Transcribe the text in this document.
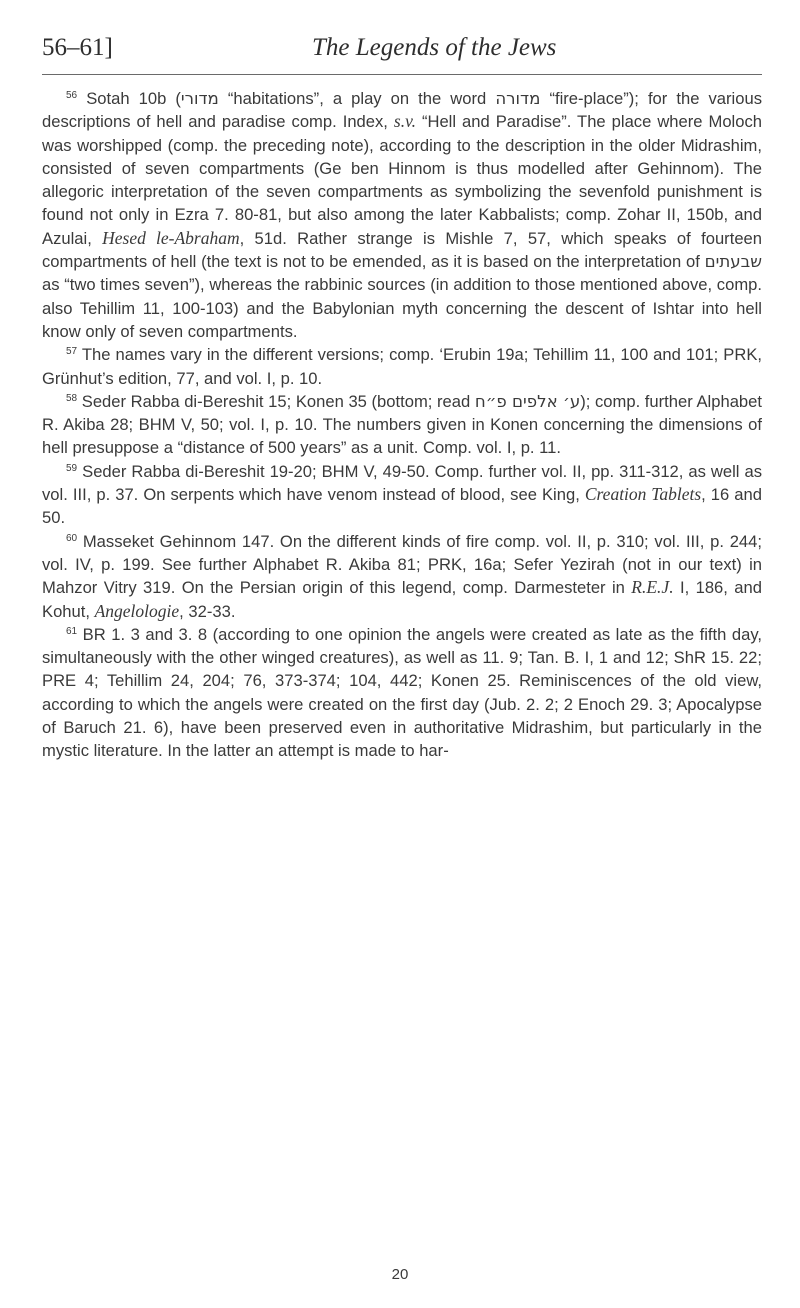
56–61]	The Legends of the Jews

$^{56}$ Sotah 10b (מדורי “habitations”, a play on the word מדורה “fire-place”); for the various descriptions of hell and paradise comp. Index, s.v. “Hell and Paradise”. The place where Moloch was worshipped (comp. the preceding note), according to the description in the older Midrashim, consisted of seven compartments (Ge ben Hinnom is thus modelled after Gehinnom). The allegoric interpretation of the seven compartments as symbolizing the sevenfold punishment is found not only in Ezra 7. 80-81, but also among the later Kabbalists; comp. Zohar II, 150b, and Azulai, Hesed le-Abraham, 51d. Rather strange is Mishle 7, 57, which speaks of fourteen compartments of hell (the text is not to be emended, as it is based on the interpretation of שבעתים as “two times seven”), whereas the rabbinic sources (in addition to those mentioned above, comp. also Tehillim 11, 100-103) and the Babylonian myth concerning the descent of Ishtar into hell know only of seven compartments.

$^{57}$ The names vary in the different versions; comp. ‘Erubin 19a; Tehillim 11, 100 and 101; PRK, Grünhut’s edition, 77, and vol. I, p. 10.

$^{58}$ Seder Rabba di-Bereshit 15; Konen 35 (bottom; read ע׳ אלפים פ״ח); comp. further Alphabet R. Akiba 28; BHM V, 50; vol. I, p. 10. The numbers given in Konen concerning the dimensions of hell presuppose a “distance of 500 years” as a unit. Comp. vol. I, p. 11.

$^{59}$ Seder Rabba di-Bereshit 19-20; BHM V, 49-50. Comp. further vol. II, pp. 311-312, as well as vol. III, p. 37. On serpents which have venom instead of blood, see King, Creation Tablets, 16 and 50.

$^{60}$ Masseket Gehinnom 147. On the different kinds of fire comp. vol. II, p. 310; vol. III, p. 244; vol. IV, p. 199. See further Alphabet R. Akiba 81; PRK, 16a; Sefer Yezirah (not in our text) in Mahzor Vitry 319. On the Persian origin of this legend, comp. Darmesteter in R.E.J. I, 186, and Kohut, Angelologie, 32-33.

$^{61}$ BR 1. 3 and 3. 8 (according to one opinion the angels were created as late as the fifth day, simultaneously with the other winged creatures), as well as 11. 9; Tan. B. I, 1 and 12; ShR 15. 22; PRE 4; Tehillim 24, 204; 76, 373-374; 104, 442; Konen 25. Reminiscences of the old view, according to which the angels were created on the first day (Jub. 2. 2; 2 Enoch 29. 3; Apocalypse of Baruch 21. 6), have been preserved even in authoritative Midrashim, but particularly in the mystic literature. In the latter an attempt is made to har-

20
